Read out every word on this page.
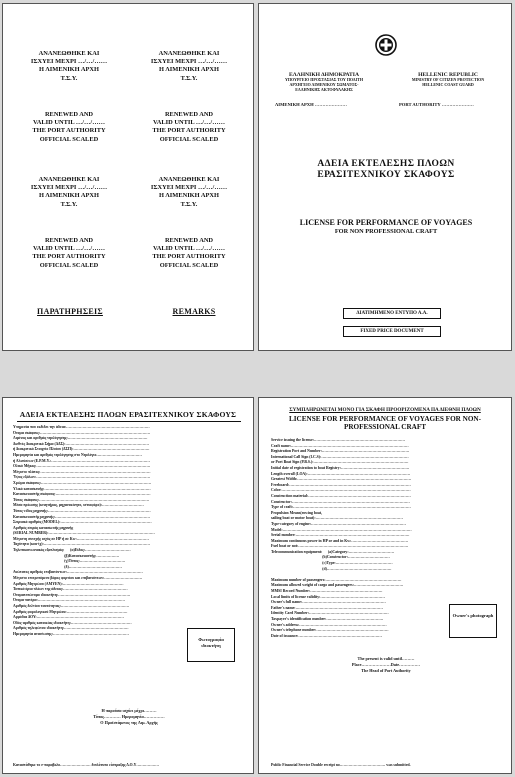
ΑΝΑΝΕΩΘΗΚΕ ΚΑΙ
ΙΣΧΥΕΙ ΜΕΧΡΙ …/…/……
Η ΛΙΜΕΝΙΚΗ ΑΡΧΗ
Τ.Σ.Υ.
ΑΝΑΝΕΩΘΗΚΕ ΚΑΙ
ΙΣΧΥΕΙ ΜΕΧΡΙ …/…/……
Η ΛΙΜΕΝΙΚΗ ΑΡΧΗ
Τ.Σ.Υ.
RENEWED AND
VALID UNTIL …/…/……
THE PORT AUTHORITY
OFFICIAL SCALED
RENEWED AND
VALID UNTIL …/…/……
THE PORT AUTHORITY
OFFICIAL SCALED
ΑΝΑΝΕΩΘΗΚΕ ΚΑΙ
ΙΣΧΥΕΙ ΜΕΧΡΙ …/…/……
Η ΛΙΜΕΝΙΚΗ ΑΡΧΗ
Τ.Σ.Υ.
ΑΝΑΝΕΩΘΗΚΕ ΚΑΙ
ΙΣΧΥΕΙ ΜΕΧΡΙ …/…/……
Η ΛΙΜΕΝΙΚΗ ΑΡΧΗ
Τ.Σ.Υ.
RENEWED AND
VALID UNTIL …/…/……
THE PORT AUTHORITY
OFFICIAL SCALED
RENEWED AND
VALID UNTIL …/…/……
THE PORT AUTHORITY
OFFICIAL SCALED
ΠΑΡΑΤΗΡΗΣΕΙΣ	REMARKS
ΕΛΛΗΝΙΚΗ ΔΗΜΟΚΡΑΤΙΑ
ΥΠΟΥΡΓΕΙΟ ΠΡΟΣΤΑΣΙΑΣ ΤΟΥ ΠΟΛΙΤΗ
ΑΡΧΗΓΕΙΟ ΛΙΜΕΝΙΚΟΥ ΣΩΜΑΤΟΣ-
ΕΛΛΗΝΙΚΗΣ ΑΚΤΟΦΥΛΑΚΗΣ
ΛΙΜΕΝΙΚΗ ΑΡΧΗ …………………
HELLENIC REPUBLIC
MINISTRY OF CITIZEN PROTECTION
HELLENIC COAST GUARD
PORT AUTHORITY …………………
ΑΔΕΙΑ ΕΚΤΕΛΕΣΗΣ ΠΛΟΩΝ
ΕΡΑΣΙΤΕΧΝΙΚΟΥ ΣΚΑΦΟΥΣ
LICENSE FOR PERFORMANCE OF VOYAGES
FOR NON PROFESSIONAL CRAFT
ΔΙΑΤΙΜΗΜΕΝΟ ΕΝΤΥΠΟ Α.Α.
FIXED PRICE DOCUMENT
ΑΔΕΙΑ ΕΚΤΕΛΕΣΗΣ ΠΛΟΩΝ ΕΡΑΣΙΤΕΧΝΙΚΟΥ ΣΚΑΦΟΥΣ
Υπηρεσία που εκδίδει την άδεια:…………………………………………………………
Όνομα σκάφους:……………………………………………………………………………
Λιμένας και αριθμός νηολόγησης:………………………………………………………
Διεθνές Διακριτικό Σήμα (ΔΔΣ):…………………………………………………………
ή Διακριτικό Στοιχείο Πλοίου (ΔΣΠ):……………………………………………………
Ημερομηνία και αριθμός νηολόγησης στο Νηολόγιο………………………………
ή Αλιεύσεων (Ε.Ρ.Μ.Υ.:……………………………………………………………………
Ολικό Μήκος:………………………………………………………………………………
Μέγιστο πλάτος:……………………………………………………………………………
Ύψος εξάλων:………………………………………………………………………………
Χρώμα σκάφους:……………………………………………………………………………
Υλικό κατασκευής:…………………………………………………………………………
Κατασκευαστής σκάφους:…………………………………………………………………
Τύπος σκάφους:……………………………………………………………………………
Μέσα πρόωσης (κινητήρας, μηχανοκίνητο, ιστιοφόρο):……………………………
Τύπος-είδος μηχανής:………………………………………………………………………
Κατασκευαστής μηχανής:…………………………………………………………………
Σειριακό αριθμός (MODEL):………………………………………………………………
Αριθμός σειράς κατασκευής μηχανής
(SERIAL NUMBER):…………………………………………………………………………
Μέγιστη συνεχής ισχύς σε HP ή σε Kw:…………………………………………………
Ταχύτητα (κοu-ίχ):…………………………………………………………………………
Τηλεπικοινωνιακός εξοπλισμός:      (α)Είδος:………………………………
(β)Κατασκευαστής:………………
(γ)Τύπος:………………………………
(δ)……………………………………
Ανώτατος αριθμός επιβαινόντων:……………………………………………………
Μέγιστο επιτρεπόμενο βάρος φορτίου και επιβαινόντων:…………………………
Αριθμός Μητρώου (ΑΜΥΕΝ):…………………………………………
Τοπικά όρια πλόων της άδειας:……………………………………………
Ονοματεπώνυμο ιδιοκτήτη:…………………………………………………
Όνομα πατέρα:……………………………………………………………
Αριθμός δελτίου ταυτότητας:………………………………………………
Αριθμός φορολογικού Μητρώου:…………………………………………
Αρμόδια ΔΟΥ:……………………………………………………………
Οδός-αριθμός κατοικίας ιδιοκτήτη:…………………………………………
Αριθμός τηλεφώνου ιδιοκτήτη:……………………………………………
Ημερομηνία ανανέωσης:……………………………………………………
Φωτογραφία ιδιοκτήτη
Η παρούσα ισχύει μέχρι………
Τόπος………… Ημερομηνία……………
Ο Προϊστάμενος της Λιμ. Αρχής
Καταστάθηκε το e-παραβολο…………………… διπλότυπο είσπραξης Δ.Ο.Υ………………
ΣΥΜΠΛΗΡΩΝΕΤΑΙ ΜΟΝΟ ΓΙΑ ΣΚΑΦΗ ΠΡΟΟΡΙΖΟΜΕΝΑ ΠΑ ΔΙΕΘΝΗ ΠΛΟΩΝ
LICENSE FOR PERFORMANCE OF VOYAGES FOR NON-
PROFESSIONAL CRAFT
Service issuing the license:………………………………………………………………
Craft name:…………………………………………………………………………………
Registration Port and Number:……………………………………………………………
International Call Sign (I.C.S):……………………………………………………………
or Port Boat Sign (P.B.S.):…………………………………………………………………
Initial date of registration to boat Registry:………………………………………………
Length overall (LOA):………………………………………………………………………
Greatest Width:………………………………………………………………………………
Freeboard:……………………………………………………………………………………
Color:…………………………………………………………………………………………
Construction material:………………………………………………………………………
Constructor:…………………………………………………………………………………
Type of craft:…………………………………………………………………………………
Propulsion Means(rowing boat,
sailing boat or motor boat):……………………………………………………………
Type-category of engine:…………………………………………………………………
Model:…………………………………………………………………………………………
Serial number:………………………………………………………………………………
Maximum continuous power in HP or and in Kw:………………………………………
Fuel boat or not:……………………………………………………………………………
Telecommunication equipment:      (a)Category:………………………………
(b)Constructor:……………………………
(c)Type:………………………………………
(d)……………………………………………
Maximum number of passengers:……………………………………………………
Maximum allowed weight of cargo and passengers:…………………………………
MMSI Record Number:…………………………………………………
Local limits of license validity:……………………………………………
Owner's full name:…………………………………………………………
Father's name:……………………………………………………………
Identity Card Number:………………………………………………………
Taxpayer's identification number:………………………………………
Owner's address:……………………………………………………………
Owner's telephone number:…………………………………………………
Date of issuance:…………………………………………………………
Owner's photograph
The present is valid until………
Place…………………Date……………
The Head of Port Authority
Public Financial Service Double receipt no……………………………… was submitted.
